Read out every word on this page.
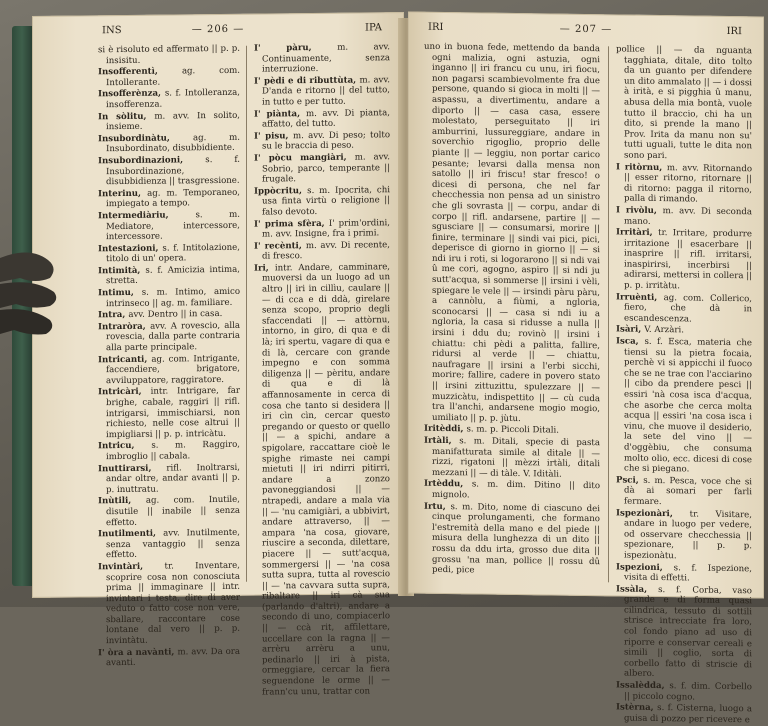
INS	— 206 —	IPA

si è risoluto ed affermato || p. p. insisitu.

Insofferentì, ag. com. Intollerante.

Insofferènza, s. f. Intolleranza, insofferenza.

In sòlitu, m. avv. In solito, insieme.

Insubordinàtu, ag. m. Insubordinato, disubbidiente.

Insubordinazioni, s. f. Insubordinazione, disubbidienza || trasgressione.

Interinu, ag. m. Temporaneo, impiegato a tempo.

Intermediàriu, s. m. Mediatore, intercessore, intercessore.

Intestazioni, s. f. Intitolazione, titolo di un' opera.

Intimità, s. f. Amicizia intima, stretta.

Intimu, s. m. Intimo, amico intrinseco || ag. m. familiare.

Intra, avv. Dentro || in casa.

Intraròra, avv. A rovescio, alla rovescia, dalla parte contraria alla parte principale.

Intricanti, ag. com. Intrigante, faccendiere, brigatore, avviluppatore, raggiratore.

Intricàri, intr. Intrigare, far brighe, cabale, raggiri || rifl. intrigarsi, immischiarsi, non richiesto, nelle cose altrui || impigliarsi || p. p. intricàtu.

Intricu, s. m. Raggiro, imbroglio || cabala.

Inuttirarsi, rifl. Inoltrarsi, andar oltre, andar avanti || p. p. inuttratu.

Inùtili, ag. com. Inutile, disutile || inabile || senza effetto.

Inutilmenti, avv. Inutilmente, senza vantaggio || senza effetto.

Invintàri, tr. Inventare, scoprire cosa non conosciuta prima || immaginare || intr. invintari i testa, dire di aver veduto o fatto cose non vere, sballare, raccontare cose lontane dal vero || p. p. invintàtu.

I' òra a navànti, m. avv. Da ora avanti.

I' pàru, m. avv. Continuamente, senza interruzione.

I' pèdi e di ributtùta, m. avv. D'anda e ritorno || del tutto, in tutto e per tutto.

I' piànta, m. avv. Di pianta, affatto, del tutto.

I' pisu, m. avv. Di peso; tolto su le braccia di peso.

I' pòcu mangiàri, m. avv. Sobrio, parco, temperante || frugale.

Ippòcritu, s. m. Ipocrita, chi usa finta virtù o religione || falso devoto.

I' prima sfèra, I' prim'ordini, m. avv. Insigne, fra i primi.

I' recènti, m. avv. Di recente, di fresco.

Iri, intr. Andare, camminare, muoversi da un luogo ad un altro || iri in cillìu, caulare || — di cca e di ddà, girelare senza scopo, proprio degli sfaccendati || — attòrnu, intorno, in giro, di qua e di là; iri spertu, vagare di qua e di là, cercare con grande impegno e con somma diligenza || — pèritu, andare di qua e di là affannosamente in cerca di cosa che tanto si desidera || iri cìn cìn, cercar questo pregando or questo or quello || — a spichi, andare a spigolare, raccattare cioè le spighe rimaste nei campi mietuti || iri ndirri pitirri, andare a zonzo pavoneggiandosi || — ntrapedi, andare a mala via || — 'nu camigiàri, a ubbivirt, andare attraverso, || — ampara 'na cosa, giovare, riuscire a seconda, dilettare, piacere || — sutt'acqua, sommergersi || — 'na cosa sutta supra, tutta al rovescio || — 'na cavvara sutta supra, ribaltare || iri cà sua (parlando d'altri), andare a secondo di uno, compiacerlo || — ccà rit, affilettare, uccellare con la ragna || — arrèru arrèru a unu, pedinarlo || iri à pista, ormeggiare, cercar la fiera seguendone le orme || — frann'cu unu, trattar con

IRI	— 207 —	IRI

uno in buona fede, mettendo da banda ogni malizia, ogni astuzia, ogni inganno || iri francu cu unu, iri fiocu, non pagarsi scambievolmente fra due persone, quando si gioca in molti || — aspassu, a divertimentu, andare a diporto || — casa casa, essere molestato, perseguitato || iri amburrini, lussureggiare, andare in soverchio rigoglio, proprio delle piante || — leggiu, non portar carico pesante; levarsi dalla mensa non satollo || iri friscu! star fresco! o dicesi di persona, che nel far checchessia non pensa ad un sinistro che gli sovrasta || — corpu, andar di corpo || rifl. andarsene, partire || — sgusciare || — consumarsi, morire || finire, terminare || sindi vai pici, pici, deperisce di giorno in giorno || — si ndi iru i roti, si logorarono || si ndi vai û me cori, agogno, aspiro || si ndi ju sutt'acqua, si sommerse || irsini i vèli, spiegare le vele || — irsindi pàru pàru, a cannòlu, a fiùmi, a ngloria, sconocarsi || — casa si ndi iu a ngloria, la casa si ridusse a nulla || irsini i ddu du; rovinò || irsini i chiattu: chi pèdi a palitta, fallire, ridursi al verde || — chiattu, naufragare || irsini a l'erbi sicchi, morire; fallire, cadere in povero stato || irsini zittuzittu, spulezzare || — muzzicàtu, indispettito || — cù cuda tra ll'anchi, andarsene mogio mogio, umiliato || p. p. jùtu.

Iritèddi, s. m. p. Piccoli Ditali.

Irtàli, s. m. Ditali, specie di pasta manifatturata simile al ditale || — rizzi, rigatoni || mèzzi irtàli, ditali mezzani || — di tàle. V. Iditàli.

Irtèddu, s. m. dim. Ditino || dito mignolo.

Irtu, s. m. Dito, nome di ciascuno dei cinque prolungamenti, che formano l'estremità della mano e del piede || misura della lunghezza di un dito || rossu da ddu irta, grosso due dita || grossu 'na man, pollice || rossu dû pedi, pice

pollice || — da nguanta tagghiata, ditale, dito tolto da un guanto per difendere un dito ammalato || — i dossi à irità, e si pigghia û manu, abusa della mia bontà, vuole tutto il braccio, chi ha un dito, si prende la mano || Prov. Irita da manu non su' tutti uguali, tutte le dita non sono pari.

I ritòrnu, m. avv. Ritornando || esser ritorno, ritornare || di ritorno: pagga il ritorno, palla di rimando.

I rivòlu, m. avv. Di seconda mano.

Irritàri, tr. Irritare, produrre irritazione || esacerbare || inasprire || rifl. irritarsi, inaspirirsi, incerbirsi || adirarsi, mettersi in collera || p. p. irritàtu.

Irruènti, ag. com. Collerico, fiero, che dà in escandescenza.

Isàri, V. Arzàri.

Isca, s. f. Esca, materia che tiensi su la pietra focaia, perchè vi si appicchi il fuoco che se ne trae con l'acciarino || cibo da prendere pesci || essiri 'nà cosa isca d'acqua, che asorbe che cerca molta acqua || essiri 'na cosa isca i vinu, che muove il desiderio, la sete del vino || — d'oggèbiu, che consuma molto olio, ecc. dicesi di cose che si piegano.

Psci, s. m. Pesca, voce che si dà ai somari per farli fermare.

Ispezionàri, tr. Visitare, andare in luogo per vedere, od osservare checchessia || spezionare, || p. p. ispezionàtu.

Ispezioni, s. f. Ispezione, visita di effetti.

Issàla, s. f. Corba, vaso grande e di forma quasi cilindrica, tessuto di sottili strisce intrecciate fra loro, col fondo piano ad uso di riporre e conservar cereali e simili || coglio, sorta di corbello fatto di striscie di albero.

Issalèdda, s. f. dim. Corbello || piccolo cogno.

Istèrna, s. f. Cisterna, luogo a guisa di pozzo per ricevere e
